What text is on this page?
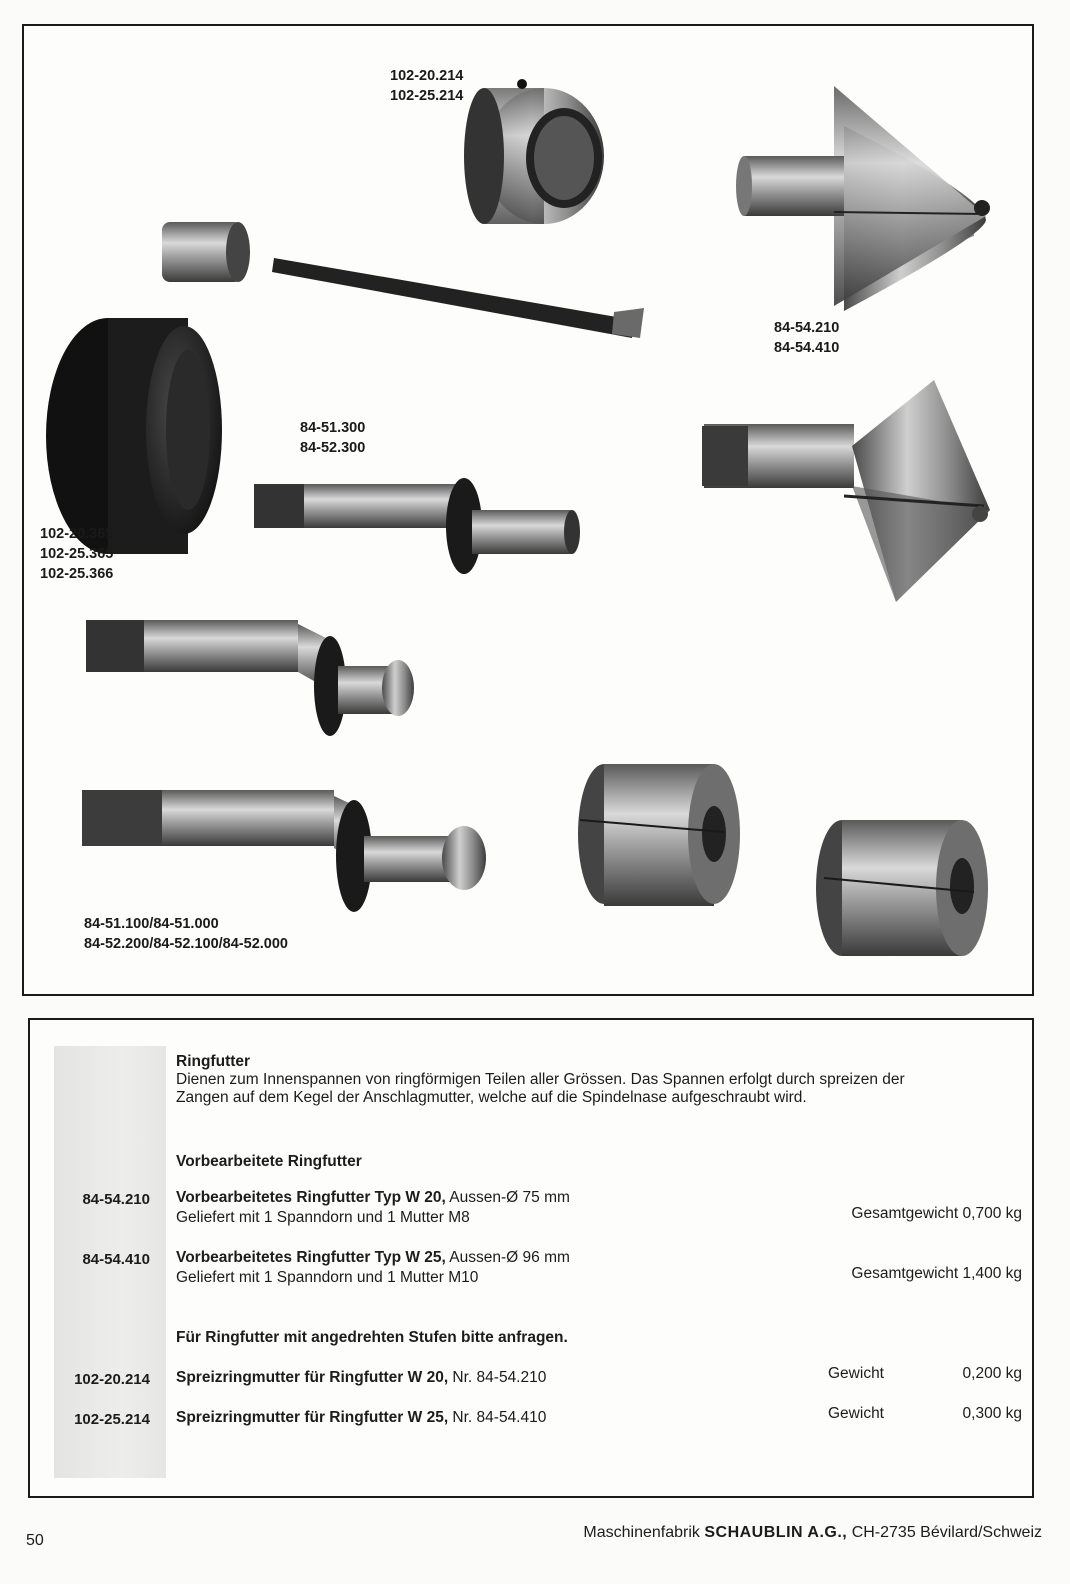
102-20.214
102-25.214
84-54.210
84-54.410
102-20.365
102-25.365
102-25.366
84-51.300
84-52.300
84-51.100/84-51.000
84-52.200/84-52.100/84-52.000
Ringfutter
Dienen zum Innenspannen von ringförmigen Teilen aller Grössen. Das Spannen erfolgt durch spreizen der
Zangen auf dem Kegel der Anschlagmutter, welche auf die Spindelnase aufgeschraubt wird.
Vorbearbeitete Ringfutter
84-54.210 Vorbearbeitetes Ringfutter Typ W 20, Aussen-Ø 75 mm
Geliefert mit 1 Spanndorn und 1 Mutter M8	Gesamtgewicht 0,700 kg
84-54.410 Vorbearbeitetes Ringfutter Typ W 25, Aussen-Ø 96 mm
Geliefert mit 1 Spanndorn und 1 Mutter M10	Gesamtgewicht 1,400 kg
Für Ringfutter mit angedrehten Stufen bitte anfragen.
102-20.214 Spreizringmutter für Ringfutter W 20, Nr. 84-54.210	Gewicht	0,200 kg
102-25.214 Spreizringmutter für Ringfutter W 25, Nr. 84-54.410	Gewicht	0,300 kg
50	Maschinenfabrik SCHAUBLIN A.G., CH-2735 Bévilard/Schweiz
